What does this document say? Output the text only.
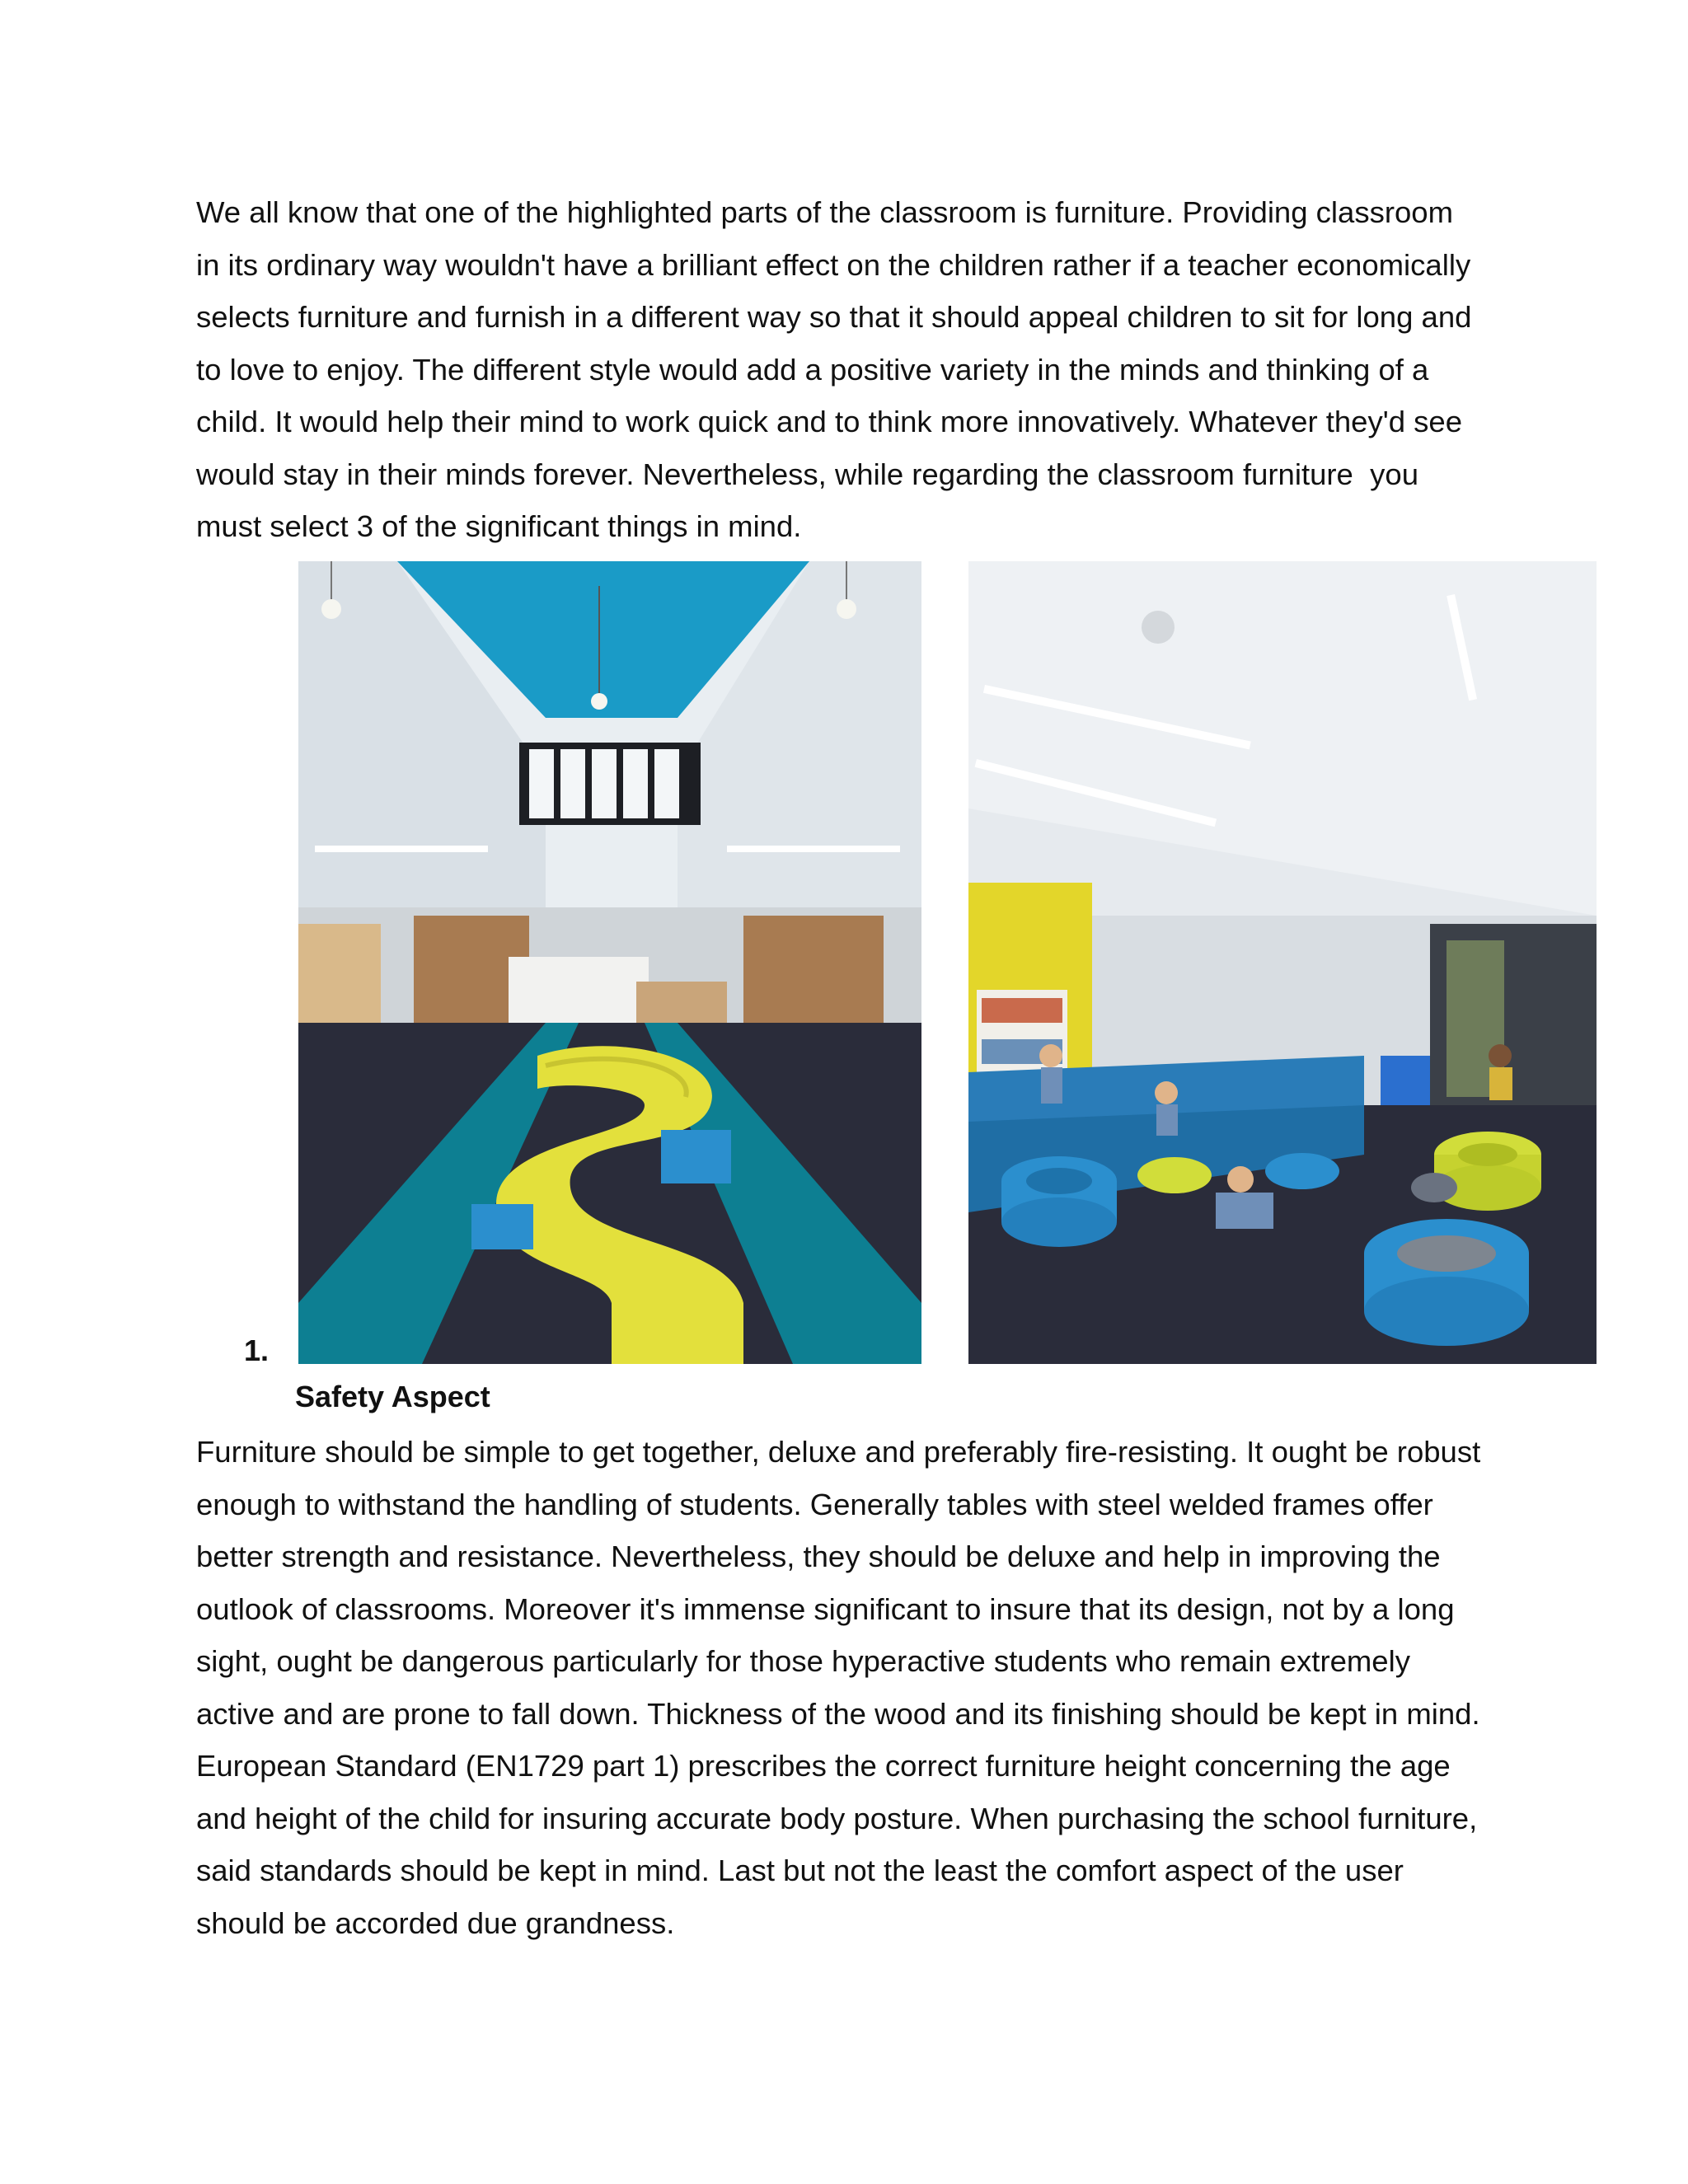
We all know that one of the highlighted parts of the classroom is furniture. Providing classroom
in its ordinary way wouldn't have a brilliant effect on the children rather if a teacher economically
selects furniture and furnish in a different way so that it should appeal children to sit for long and
to love to enjoy. The different style would add a positive variety in the minds and thinking of a
child. It would help their mind to work quick and to think more innovatively. Whatever they'd see
would stay in their minds forever. Nevertheless, while regarding the classroom furniture  you
must select 3 of the significant things in mind.
1.
Safety Aspect
Furniture should be simple to get together, deluxe and preferably fire-resisting. It ought be robust
enough to withstand the handling of students. Generally tables with steel welded frames offer
better strength and resistance. Nevertheless, they should be deluxe and help in improving the
outlook of classrooms. Moreover it's immense significant to insure that its design, not by a long
sight, ought be dangerous particularly for those hyperactive students who remain extremely
active and are prone to fall down. Thickness of the wood and its finishing should be kept in mind.
European Standard (EN1729 part 1) prescribes the correct furniture height concerning the age
and height of the child for insuring accurate body posture. When purchasing the school furniture,
said standards should be kept in mind. Last but not the least the comfort aspect of the user
should be accorded due grandness.
